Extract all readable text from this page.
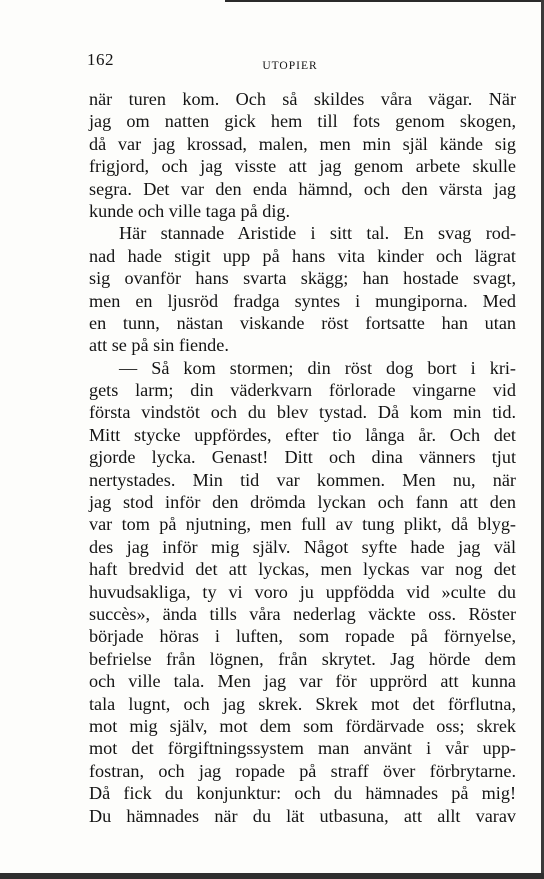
162	UTOPIER
när turen kom. Och så skildes våra vägar. När
jag om natten gick hem till fots genom skogen,
då var jag krossad, malen, men min själ kände sig
frigjord, och jag visste att jag genom arbete skulle
segra. Det var den enda hämnd, och den värsta jag
kunde och ville taga på dig.
Här stannade Aristide i sitt tal. En svag rod-
nad hade stigit upp på hans vita kinder och lägrat
sig ovanför hans svarta skägg; han hostade svagt,
men en ljusröd fradga syntes i mungiporna. Med
en tunn, nästan viskande röst fortsatte han utan
att se på sin fiende.
— Så kom stormen; din röst dog bort i kri-
gets larm; din väderkvarn förlorade vingarne vid
första vindstöt och du blev tystad. Då kom min tid.
Mitt stycke uppfördes, efter tio långa år. Och det
gjorde lycka. Genast! Ditt och dina vänners tjut
nertystades. Min tid var kommen. Men nu, när
jag stod inför den drömda lyckan och fann att den
var tom på njutning, men full av tung plikt, då blyg-
des jag inför mig själv. Något syfte hade jag väl
haft bredvid det att lyckas, men lyckas var nog det
huvudsakliga, ty vi voro ju uppfödda vid »culte du
succès», ända tills våra nederlag väckte oss. Röster
började höras i luften, som ropade på förnyelse,
befrielse från lögnen, från skrytet. Jag hörde dem
och ville tala. Men jag var för upprörd att kunna
tala lugnt, och jag skrek. Skrek mot det förflutna,
mot mig själv, mot dem som fördärvade oss; skrek
mot det förgiftningssystem man använt i vår upp-
fostran, och jag ropade på straff över förbrytarne.
Då fick du konjunktur: och du hämnades på mig!
Du hämnades när du lät utbasuna, att allt varav
